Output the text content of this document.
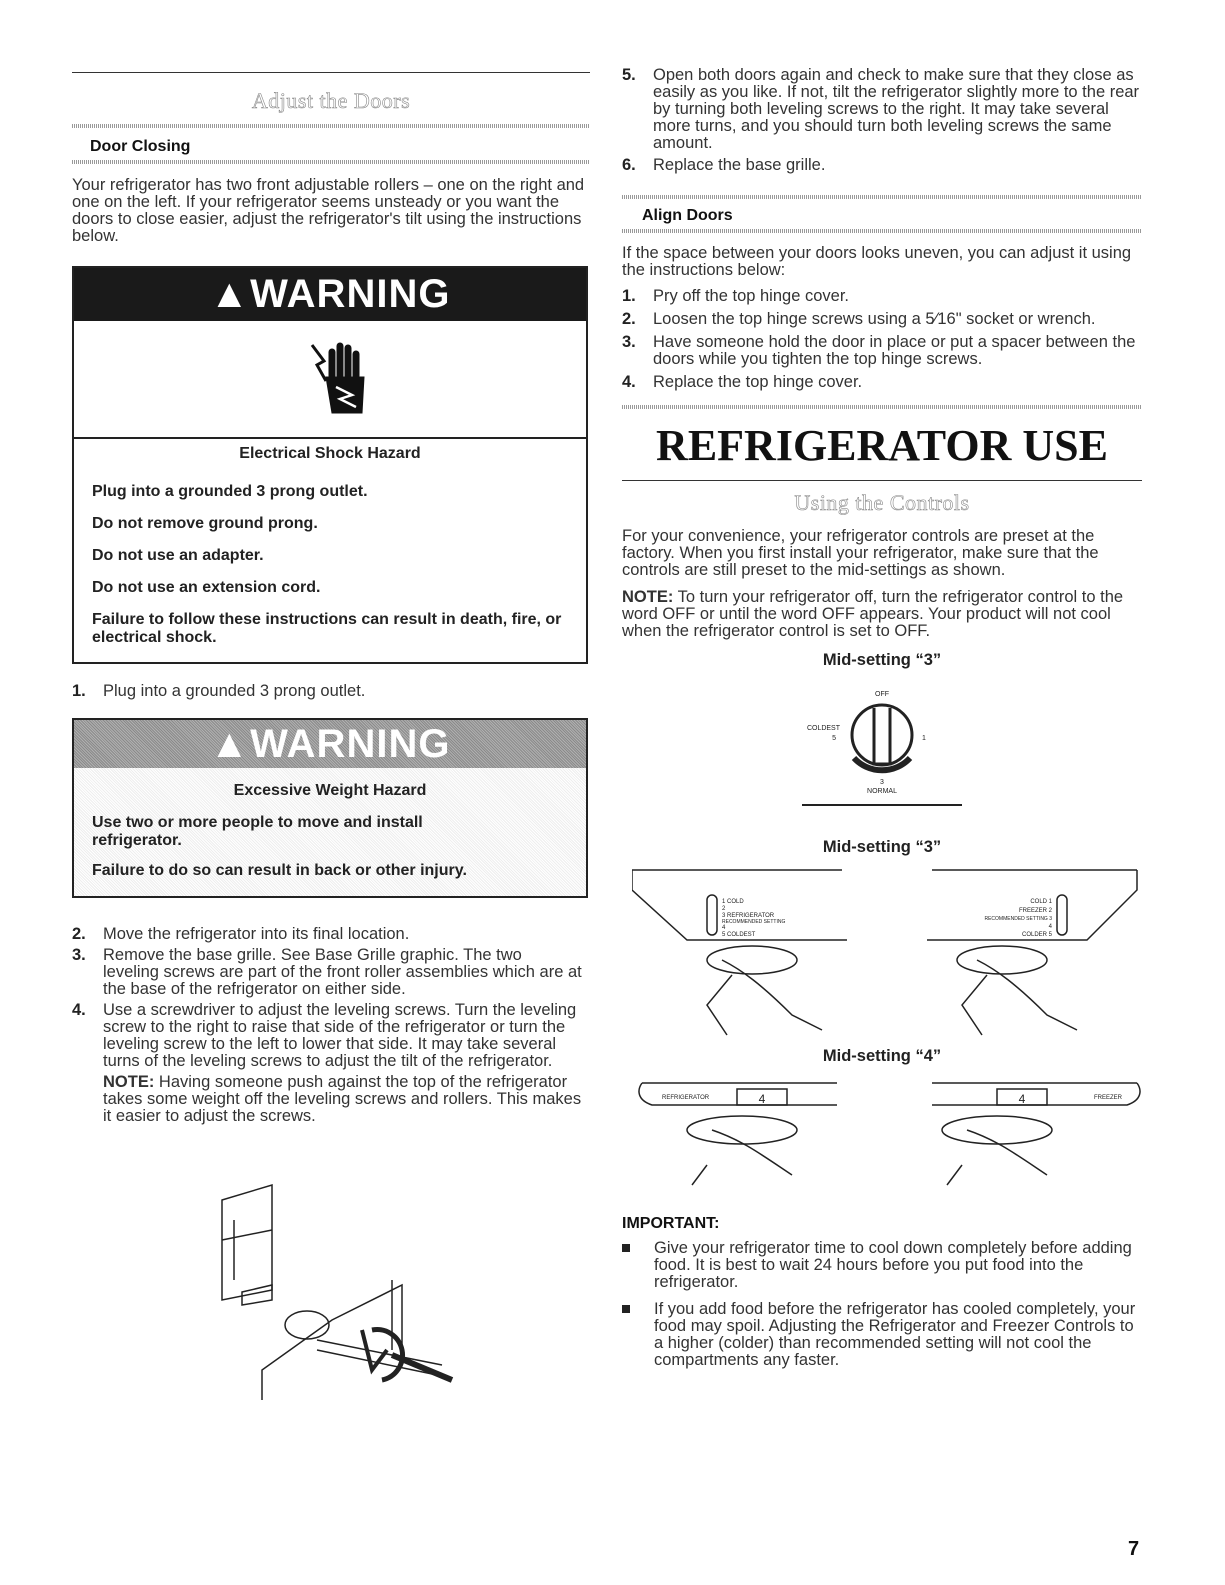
Adjust the Doors
Door Closing

Your refrigerator has two front adjustable rollers – one on the right and one on the left. If your refrigerator seems unsteady or you want the doors to close easier, adjust the refrigerator's tilt using the instructions below.

▲WARNING
Electrical Shock Hazard
Plug into a grounded 3 prong outlet.
Do not remove ground prong.
Do not use an adapter.
Do not use an extension cord.
Failure to follow these instructions can result in death, fire, or electrical shock.
1. Plug into a grounded 3 prong outlet.
▲WARNING
Excessive Weight Hazard
Use two or more people to move and install refrigerator.
Failure to do so can result in back or other injury.
2. Move the refrigerator into its final location.
3. Remove the base grille. See Base Grille graphic. The two leveling screws are part of the front roller assemblies which are at the base of the refrigerator on either side.
4. Use a screwdriver to adjust the leveling screws. Turn the leveling screw to the right to raise that side of the refrigerator or turn the leveling screw to the left to lower that side. It may take several turns of the leveling screws to adjust the tilt of the refrigerator.
NOTE: Having someone push against the top of the refrigerator takes some weight off the leveling screws and rollers. This makes it easier to adjust the screws.
5. Open both doors again and check to make sure that they close as easily as you like. If not, tilt the refrigerator slightly more to the rear by turning both leveling screws to the right. It may take several more turns, and you should turn both leveling screws the same amount.
6. Replace the base grille.
Align Doors

If the space between your doors looks uneven, you can adjust it using the instructions below:

1. Pry off the top hinge cover.
2. Loosen the top hinge screws using a 5⁄16" socket or wrench.
3. Have someone hold the door in place or put a spacer between the doors while you tighten the top hinge screws.
4. Replace the top hinge cover.
REFRIGERATOR USE
Using the Controls

For your convenience, your refrigerator controls are preset at the factory. When you first install your refrigerator, make sure that the controls are still preset to the mid-settings as shown.

NOTE: To turn your refrigerator off, turn the refrigerator control to the word OFF or until the word OFF appears. Your product will not cool when the refrigerator control is set to OFF.

Mid-setting “3”
OFF
COLDEST
5	1
3
NORMAL
Mid-setting “3”
1 COLD
2
3 REFRIGERATOR
RECOMMENDED SETTING
4
5 COLDEST
COLD 1
FREEZER 2
RECOMMENDED SETTING 3
4
COLDER 5
Mid-setting “4”
REFRIGERATOR	4	4	FREEZER
IMPORTANT:
Give your refrigerator time to cool down completely before adding food. It is best to wait 24 hours before you put food into the refrigerator.
If you add food before the refrigerator has cooled completely, your food may spoil. Adjusting the Refrigerator and Freezer Controls to a higher (colder) than recommended setting will not cool the compartments any faster.
7
